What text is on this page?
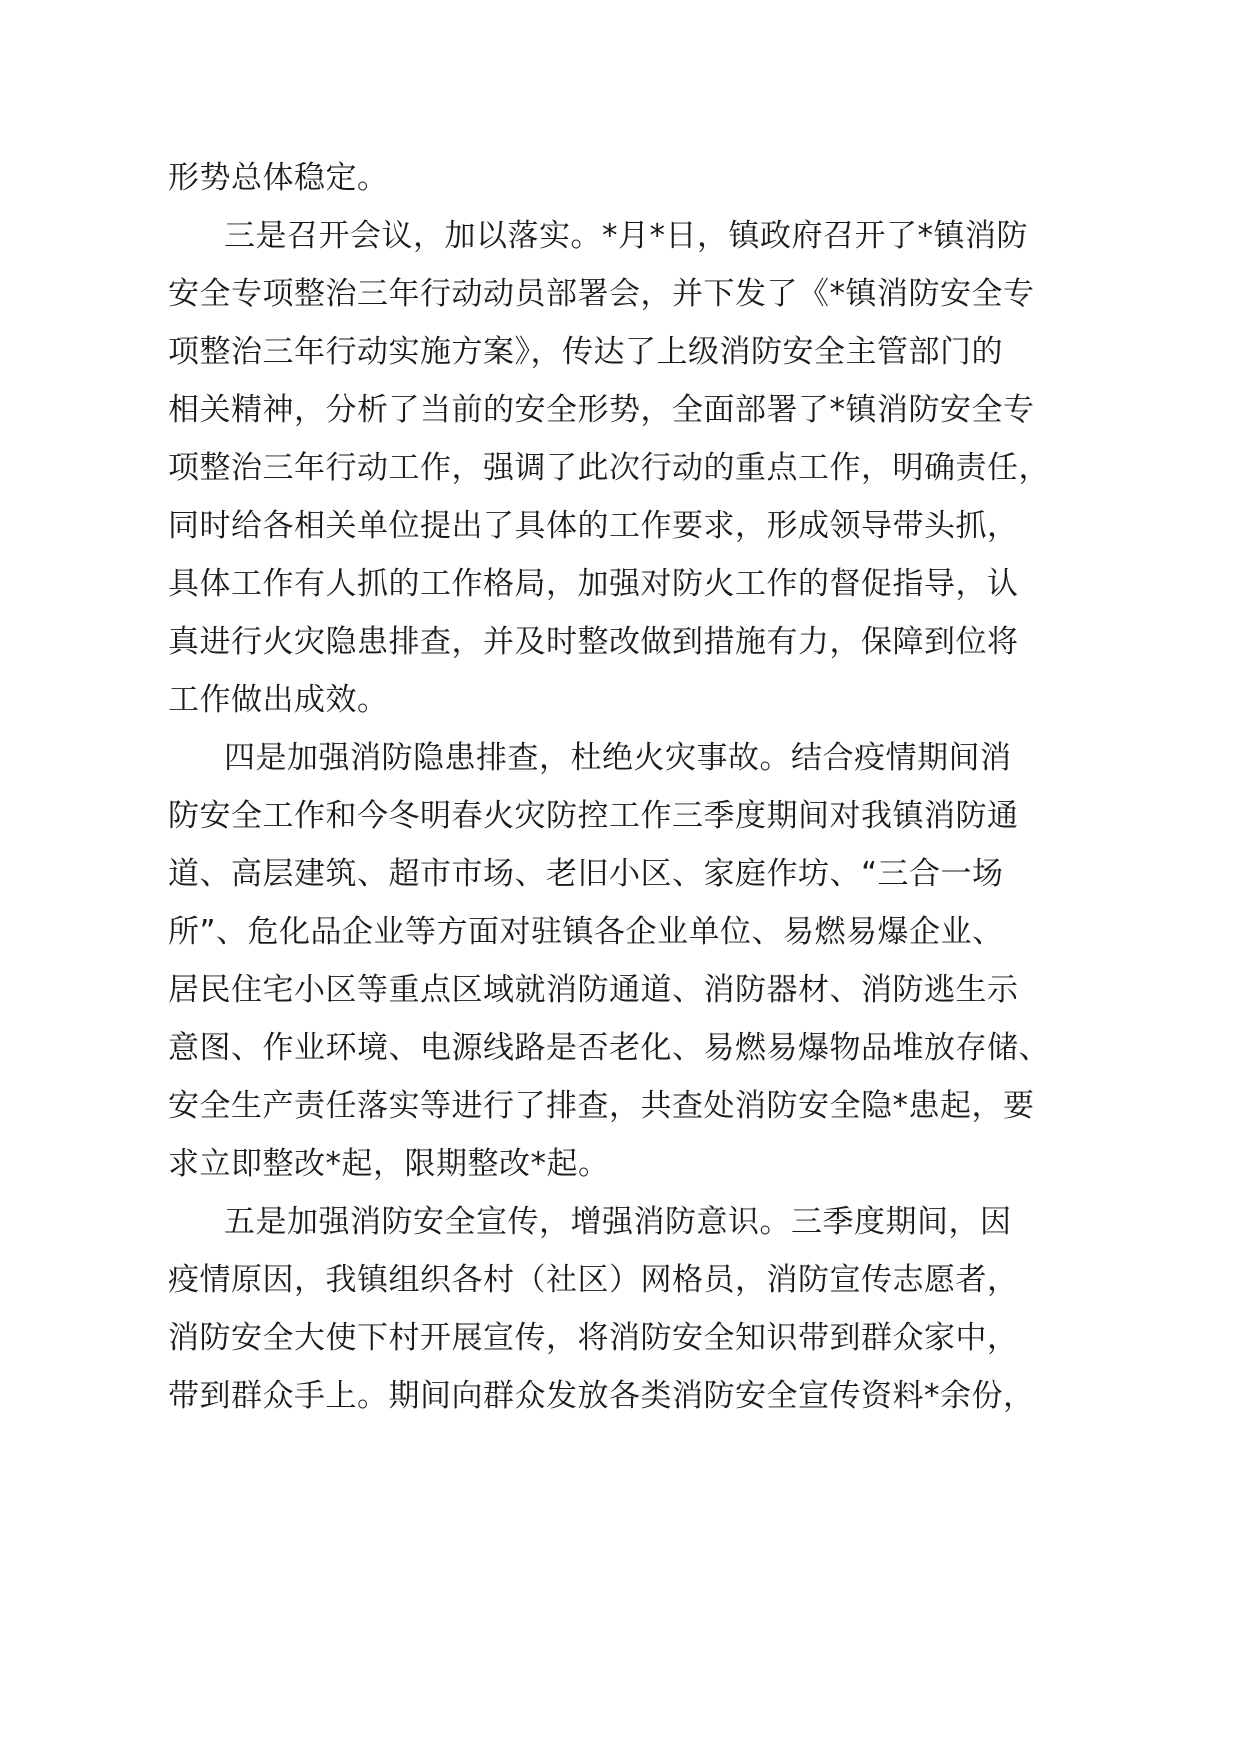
形势总体稳定。
三是召开会议，加以落实。*月*日，镇政府召开了*镇消防
安全专项整治三年行动动员部署会，并下发了《*镇消防安全专
项整治三年行动实施方案》，传达了上级消防安全主管部门的
相关精神，分析了当前的安全形势，全面部署了*镇消防安全专
项整治三年行动工作，强调了此次行动的重点工作，明确责任，
同时给各相关单位提出了具体的工作要求，形成领导带头抓，
具体工作有人抓的工作格局，加强对防火工作的督促指导，认
真进行火灾隐患排查，并及时整改做到措施有力，保障到位将
工作做出成效。
四是加强消防隐患排查，杜绝火灾事故。结合疫情期间消
防安全工作和今冬明春火灾防控工作三季度期间对我镇消防通
道、高层建筑、超市市场、老旧小区、家庭作坊、“三合一场
所”、危化品企业等方面对驻镇各企业单位、易燃易爆企业、
居民住宅小区等重点区域就消防通道、消防器材、消防逃生示
意图、作业环境、电源线路是否老化、易燃易爆物品堆放存储、
安全生产责任落实等进行了排查，共查处消防安全隐*患起，要
求立即整改*起，限期整改*起。
五是加强消防安全宣传，增强消防意识。三季度期间，因
疫情原因，我镇组织各村（社区）网格员，消防宣传志愿者，
消防安全大使下村开展宣传，将消防安全知识带到群众家中，
带到群众手上。期间向群众发放各类消防安全宣传资料*余份，
